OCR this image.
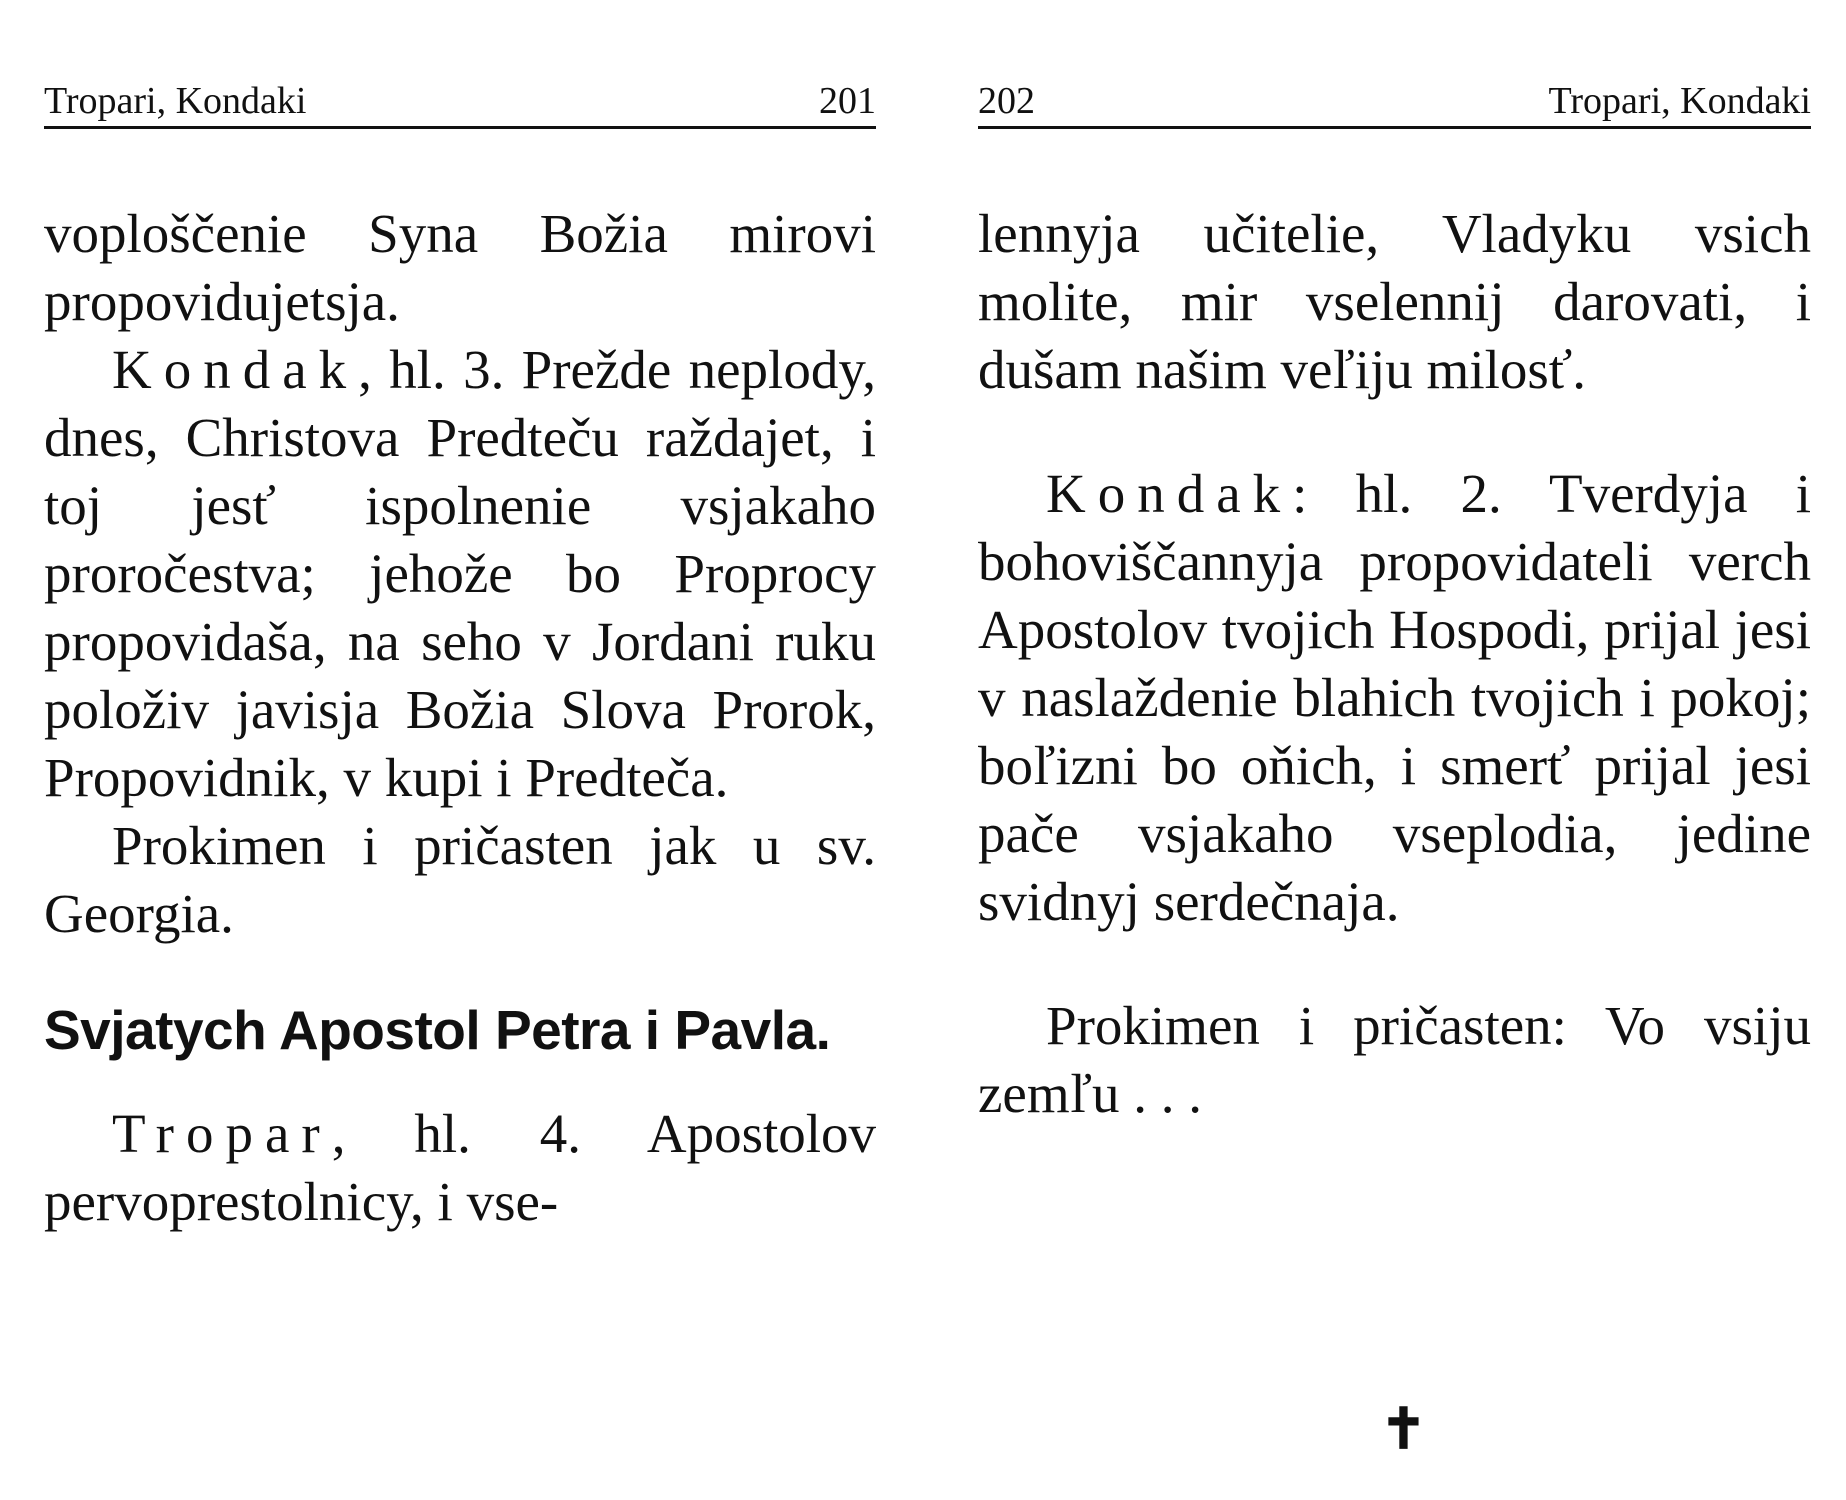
Tropari, Kondaki	201

voploščenie Syna Božia mirovi propovidujetsja.

Kondak, hl. 3. Prežde neplody, dnes, Christova Predteču raždajet, i toj jesť ispolnenie vsjakaho proročestva; jehože bo Proprocy propovidaša, na seho v Jordani ruku položiv javisja Božia Slova Prorok, Propovidnik, v kupi i Predteča.

Prokimen i pričasten jak u sv. Georgia.

Svjatych Apostol Petra i Pavla.

Tropar, hl. 4. Apostolov pervoprestolnicy, i vse-

202	Tropari, Kondaki

lennyja učitelie, Vladyku vsich molite, mir vselennij darovati, i dušam našim veľiju milosť.

Kondak: hl. 2. Tverdyja i bohoviščannyja propovidateli verch Apostolov tvojich Hospodi, prijal jesi v naslaždenie blahich tvojich i pokoj; boľizni bo oňich, i smerť prijal jesi pače vsjakaho vseplodia, jedine svidnyj serdečnaja.

Prokimen i pričasten: Vo vsiju zemľu . . .

✝
